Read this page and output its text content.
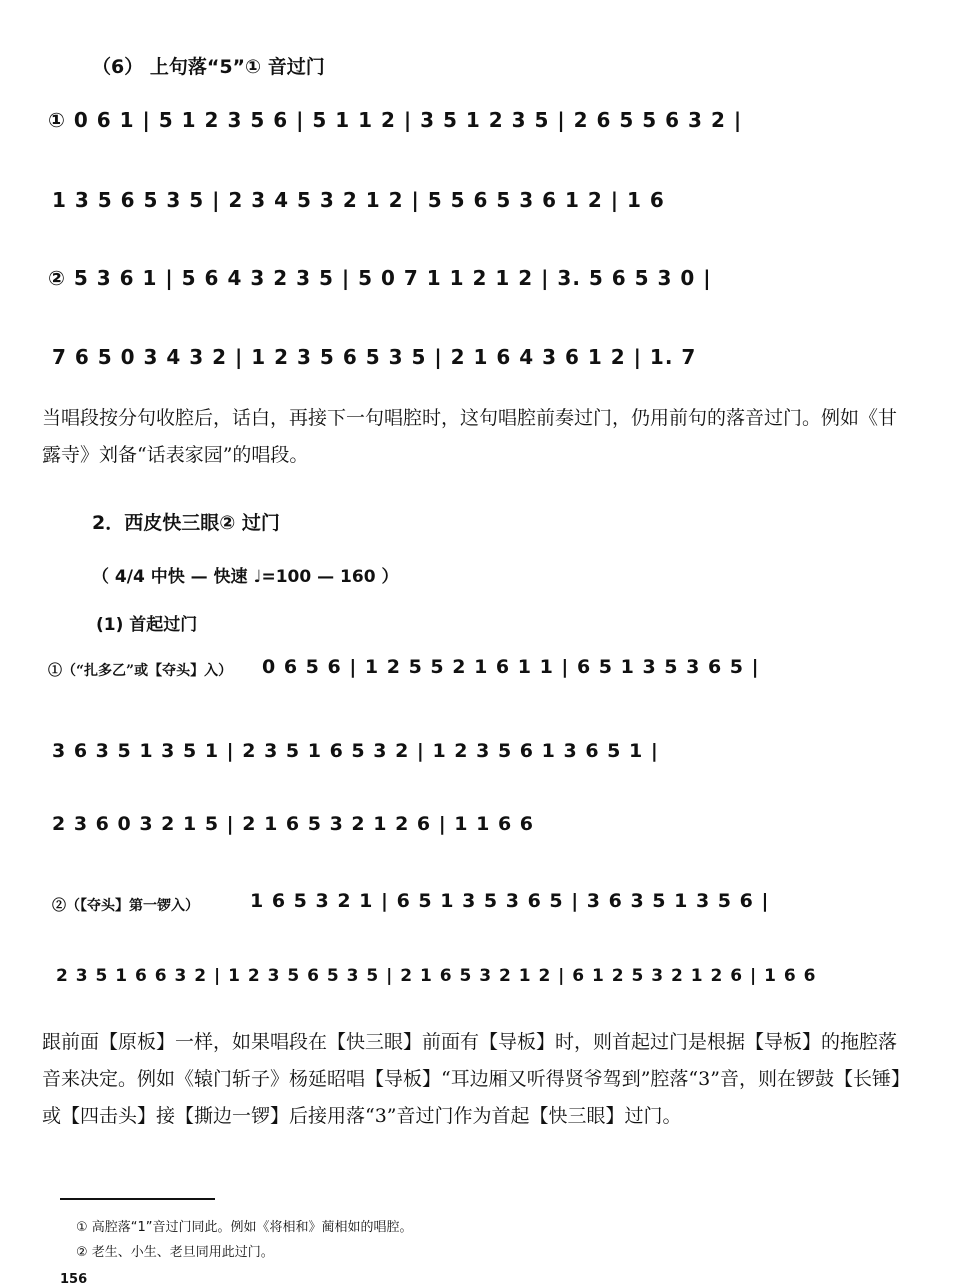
（6） 上句落“5”① 音过门
① 0 6 1 | 5 1 2 3 5 6 | 5 1 1 2 | 3 5 1 2 3 5 | 2 6 5 5 6 3 2 |
1 3 5 6 5 3 5 | 2 3 4 5 3 2 1 2 | 5 5 6 5 3 6 1 2 | 1 6
② 5 3 6 1 | 5 6 4 3 2 3 5 | 5 0 7 1 1 2 1 2 | 3. 5 6 5 3 0 |
7 6 5 0 3 4 3 2 | 1 2 3 5 6 5 3 5 | 2 1 6 4 3 6 1 2 | 1. 7
当唱段按分句收腔后，话白，再接下一句唱腔时，这句唱腔前奏过门，仍用前句的落音过门。例如《甘露寺》刘备“话表家园”的唱段。
2．西皮快三眼② 过门
（ 4/4 中快 — 快速 ♩=100 — 160 ）
(1) 首起过门
①（“扎多乙”或【夺头】入） 0 6 5 6 | 1 2 5 5 2 1 6 1 1 | 6 5 1 3 5 3 6 5 |
3 6 3 5 1 3 5 1 | 2 3 5 1 6 5 3 2 | 1 2 3 5 6 1 3 6 5 1 |
2 3 6 0 3 2 1 5 | 2 1 6 5 3 2 1 2 6 | 1 1 6 6
②（【夺头】第一锣入）	1 6 5 3 2 1 | 6 5 1 3 5 3 6 5 | 3 6 3 5 1 3 5 6 |
2 3 5 1 6 6 3 2 | 1 2 3 5 6 5 3 5 | 2 1 6 5 3 2 1 2 | 6 1 2 5 3 2 1 2 6 | 1 6 6
跟前面【原板】一样，如果唱段在【快三眼】前面有【导板】时，则首起过门是根据【导板】的拖腔落音来决定。例如《辕门斩子》杨延昭唱【导板】“耳边厢又听得贤爷驾到”腔落“3”音，则在锣鼓【长锤】或【四击头】接【撕边一锣】后接用落“3”音过门作为首起【快三眼】过门。
① 高腔落“1”音过门同此。例如《将相和》蔺相如的唱腔。
② 老生、小生、老旦同用此过门。
156
